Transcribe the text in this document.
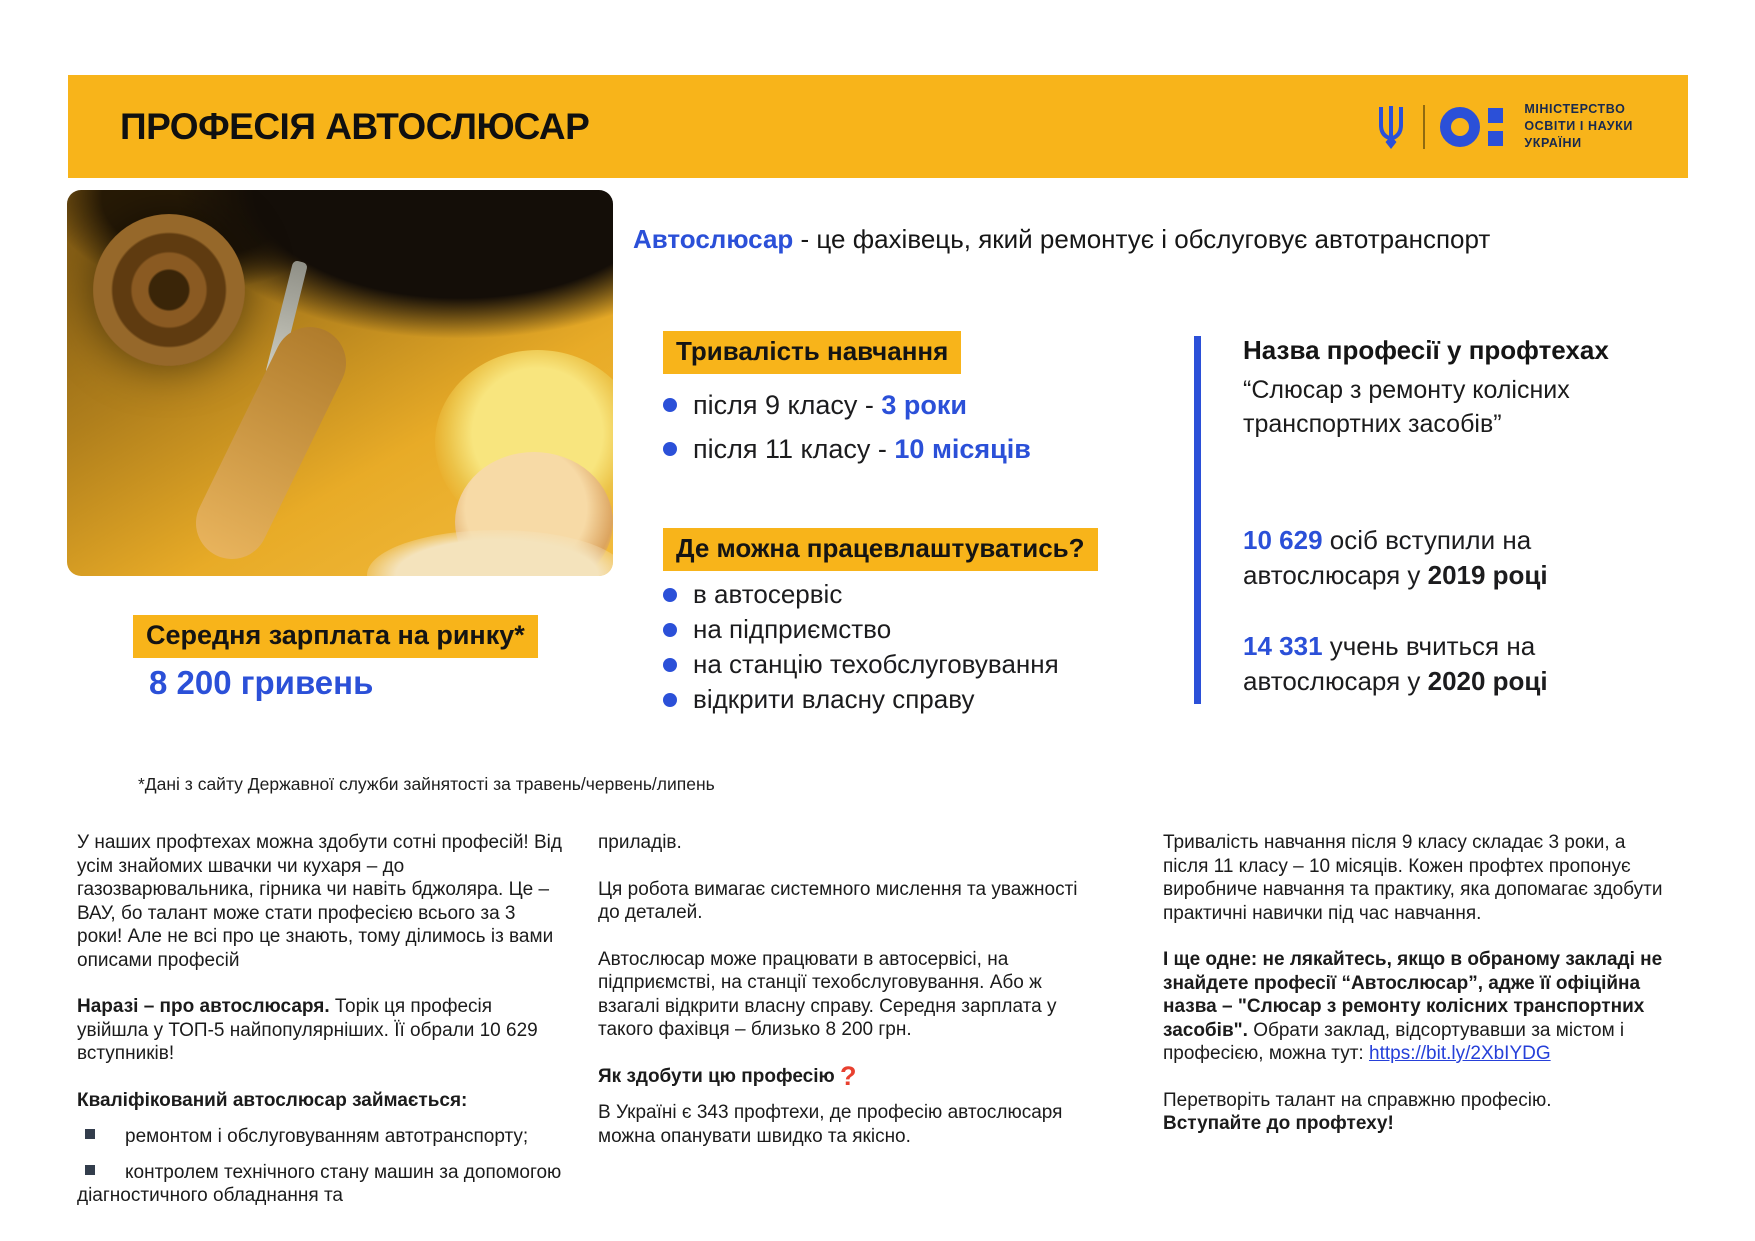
ПРОФЕСІЯ АВТОСЛЮСАР	МІНІСТЕРСТВО
ОСВІТИ І НАУКИ
УКРАЇНИ
Автослюсар - це фахівець, який ремонтує і обслуговує автотранспорт
Тривалість навчання
після 9 класу - 3 роки
після 11 класу - 10 місяців
Де можна працевлаштуватись?
в автосервіс
на підприємство
на станцію техобслуговування
відкрити власну справу
Назва професії у профтехах
“Слюсар з ремонту колісних транспортних засобів”
10 629 осіб вступили на автослюсаря у 2019 році
14 331 учень вчиться на автослюсаря у 2020 році
Середня зарплата на ринку*
8 200 гривень
*Дані з сайту Державної служби зайнятості за травень/червень/липень

У наших профтехах можна здобути сотні професій! Від усім знайомих швачки чи кухаря – до газозварювальника, гірника чи навіть бджоляра. Це – ВАУ, бо талант може стати професією всього за 3 роки! Але не всі про це знають, тому ділимось із вами описами професій

Наразі – про автослюсаря. Торік ця професія увійшла у ТОП-5 найпопулярніших. Її обрали 10 629 вступників!

Кваліфікований автослюсар займається:

ремонтом і обслуговуванням автотранспорту;

контролем технічного стану машин за допомогою діагностичного обладнання та

приладів.

Ця робота вимагає системного мислення та уважності до деталей.

Автослюсар може працювати в автосервісі, на підприємстві, на станції техобслуговування. Або ж взагалі відкрити власну справу. Середня зарплата у такого фахівця – близько 8 200 грн.

Як здобути цю професію ?

В Україні є 343 профтехи, де професію автослюсаря можна опанувати швидко та якісно.

Тривалість навчання після 9 класу складає 3 роки, а після 11 класу – 10 місяців. Кожен профтех пропонує виробниче навчання та практику, яка допомагає здобути практичні навички під час навчання.

І ще одне: не лякайтесь, якщо в обраному закладі не знайдете професії “Автослюсар”, адже її офіційна назва – "Слюсар з ремонту колісних транспортних засобів". Обрати заклад, відсортувавши за містом і професією, можна тут: https://bit.ly/2XbIYDG

Перетворіть талант на справжню професію.
Вступайте до профтеху!
